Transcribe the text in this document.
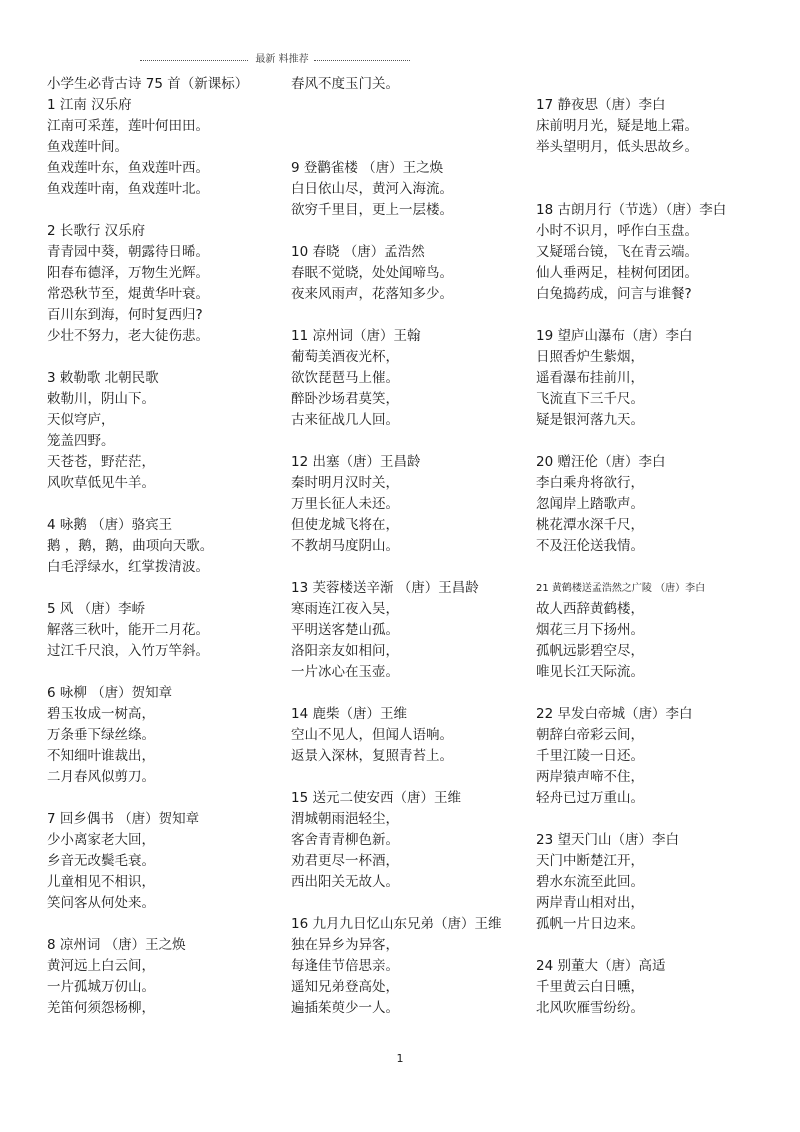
最新 料推荐
小学生必背古诗 75 首（新课标）
1 江南 汉乐府
江南可采莲，莲叶何田田。
鱼戏莲叶间。
鱼戏莲叶东，鱼戏莲叶西。
鱼戏莲叶南，鱼戏莲叶北。
2 长歌行 汉乐府
青青园中葵，朝露待日晞。
阳春布德泽，万物生光辉。
常恐秋节至，焜黄华叶衰。
百川东到海，何时复西归?
少壮不努力，老大徒伤悲。
3 敕勒歌 北朝民歌
敕勒川，阴山下。
天似穹庐，
笼盖四野。
天苍苍，野茫茫，
风吹草低见牛羊。
4 咏鹅 （唐）骆宾王
鹅 ，鹅，鹅，曲项向天歌。
白毛浮绿水，红掌拨清波。
5 风 （唐）李峤
解落三秋叶，能开二月花。
过江千尺浪，入竹万竿斜。
6 咏柳 （唐）贺知章
碧玉妆成一树高，
万条垂下绿丝绦。
不知细叶谁裁出，
二月春风似剪刀。
7 回乡偶书 （唐）贺知章
少小离家老大回，
乡音无改鬓毛衰。
儿童相见不相识，
笑问客从何处来。
8 凉州词 （唐）王之焕
黄河远上白云间，
一片孤城万仞山。
羌笛何须怨杨柳，
春风不度玉门关。
9 登鹳雀楼 （唐）王之焕
白日依山尽，黄河入海流。
欲穷千里目，更上一层楼。
10 春晓 （唐）孟浩然
春眠不觉晓，处处闻啼鸟。
夜来风雨声，花落知多少。
11 凉州词（唐）王翰
葡萄美酒夜光杯，
欲饮琵琶马上催。
醉卧沙场君莫笑，
古来征战几人回。
12 出塞（唐）王昌龄
秦时明月汉时关，
万里长征人未还。
但使龙城飞将在，
不教胡马度阴山。
13 芙蓉楼送辛渐 （唐）王昌龄
寒雨连江夜入吴，
平明送客楚山孤。
洛阳亲友如相问，
一片冰心在玉壶。
14 鹿柴（唐）王维
空山不见人，但闻人语响。
返景入深林，复照青苔上。
15 送元二使安西（唐）王维
渭城朝雨浥轻尘，
客舍青青柳色新。
劝君更尽一杯酒，
西出阳关无故人。
16 九月九日忆山东兄弟（唐）王维
独在异乡为异客，
每逢佳节倍思亲。
遥知兄弟登高处，
遍插茱萸少一人。
17 静夜思（唐）李白
床前明月光，疑是地上霜。
举头望明月，低头思故乡。
18 古朗月行（节选）（唐）李白
小时不识月，呼作白玉盘。
又疑瑶台镜，飞在青云端。
仙人垂两足，桂树何团团。
白兔捣药成，问言与谁餐?
19 望庐山瀑布（唐）李白
日照香炉生紫烟，
遥看瀑布挂前川，
飞流直下三千尺。
疑是银河落九天。
20 赠汪伦（唐）李白
李白乘舟将欲行，
忽闻岸上踏歌声。
桃花潭水深千尺，
不及汪伦送我情。
21 黄鹤楼送孟浩然之广陵 （唐）李白
故人西辞黄鹤楼，
烟花三月下扬州。
孤帆远影碧空尽，
唯见长江天际流。
22 早发白帝城（唐）李白
朝辞白帝彩云间，
千里江陵一日还。
两岸猿声啼不住，
轻舟已过万重山。
23 望天门山（唐）李白
天门中断楚江开，
碧水东流至此回。
两岸青山相对出，
孤帆一片日边来。
24 别董大（唐）高适
千里黄云白日曛，
北风吹雁雪纷纷。
1
